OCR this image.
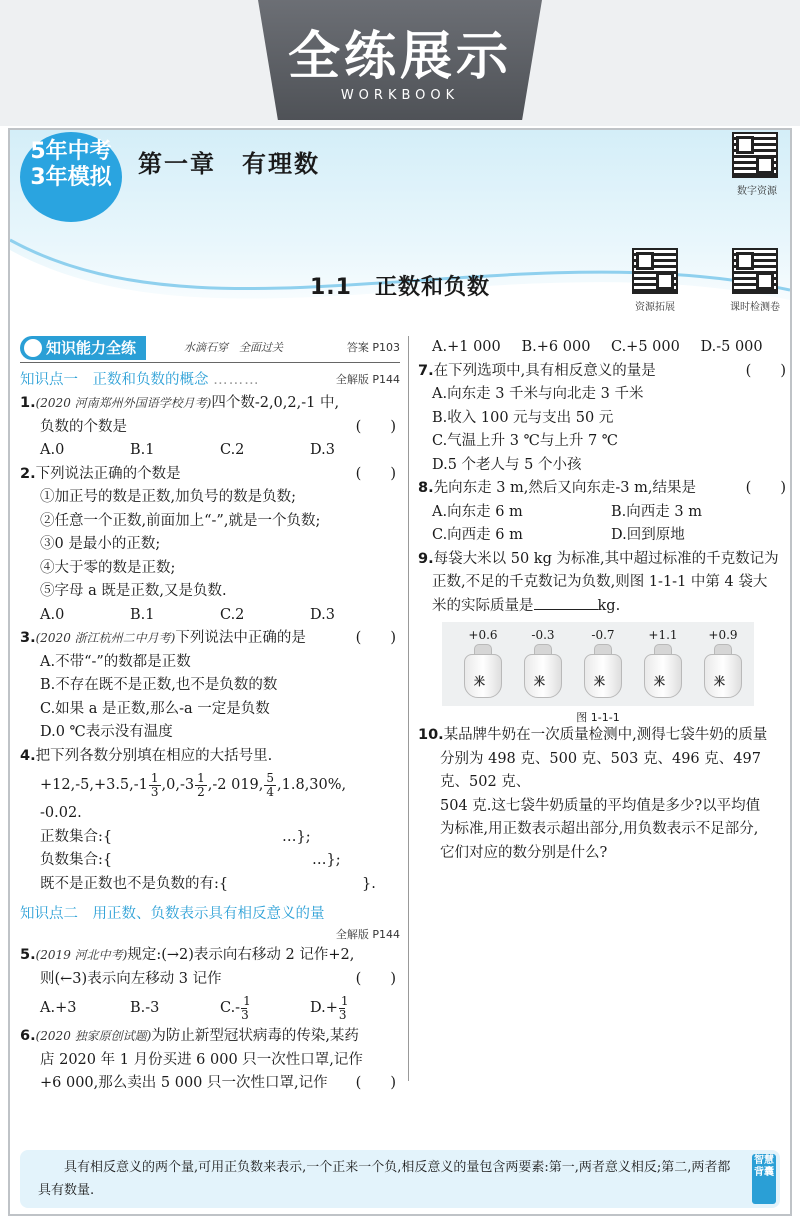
全练展示
WORKBOOK
5年中考
3年模拟	第一章　有理数
数字资源
1.1　正数和负数
资源拓展	课时检测卷
知识能力全练	水滴石穿　全面过关	答案 P103
知识点一　正数和负数的概念 ………	全解版 P144
1.(2020 河南郑州外国语学校月考)四个数-2,0,2,-1 中,
负数的个数是	(　　)
A.0	B.1	C.2	D.3
2.下列说法正确的个数是	(　　)
①加正号的数是正数,加负号的数是负数;
②任意一个正数,前面加上“-”,就是一个负数;
③0 是最小的正数;
④大于零的数是正数;
⑤字母 a 既是正数,又是负数.
A.0	B.1	C.2	D.3
3.(2020 浙江杭州二中月考)下列说法中正确的是	(　　)
A.不带“-”的数都是正数
B.不存在既不是正数,也不是负数的数
C.如果 a 是正数,那么-a 一定是负数
D.0 ℃表示没有温度
4.把下列各数分别填在相应的大括号里.
$+12,-5,+3.5,-1 \frac{1}{3} ,0,-3 \frac{1}{2} ,-2$ 019, $\frac{5}{4} ,1.8,30\%$,
-0.02.
正数集合:{	…};
负数集合:{	…};
既不是正数也不是负数的有:{	}.
知识点二　用正数、负数表示具有相反意义的量
全解版 P144
5.(2019 河北中考)规定:(→2)表示向右移动 2 记作+2,
则(←3)表示向左移动 3 记作	(　　)
A.+3	B.-3	$C.- \frac{1}{3}$	$D.+ \frac{1}{3}$
6.(2020 独家原创试题)为防止新型冠状病毒的传染,某药
店 2020 年 1 月份买进 6 000 只一次性口罩,记作
+6 000,那么卖出 5 000 只一次性口罩,记作 (　　)
A.+1 000	B.+6 000	C.+5 000	D.-5 000
7.在下列选项中,具有相反意义的量是	(　　)
A.向东走 3 千米与向北走 3 千米
B.收入 100 元与支出 50 元
C.气温上升 3 ℃与上升 7 ℃
D.5 个老人与 5 个小孩
8.先向东走 3 m,然后又向东走-3 m,结果是	(　　)
A.向东走 6 m	B.向西走 3 m
C.向西走 6 m	D.回到原地
9.每袋大米以 50 kg 为标准,其中超过标准的千克数记为
正数,不足的千克数记为负数,则图 1-1-1 中第 4 袋大
米的实际质量是	kg.
+0.6
米
-0.3
米
-0.7
米
+1.1
米
+0.9
米
图 1-1-1
10.某品牌牛奶在一次质量检测中,测得七袋牛奶的质量
分别为 498 克、500 克、503 克、496 克、497 克、502 克、
504 克.这七袋牛奶质量的平均值是多少?以平均值
为标准,用正数表示超出部分,用负数表示不足部分,
它们对应的数分别是什么?
具有相反意义的两个量,可用正负数来表示,一个正来一个负,相反意义的量包含两要素:第一,两者意义相反;第二,两者都具有数量.
智慧背囊
